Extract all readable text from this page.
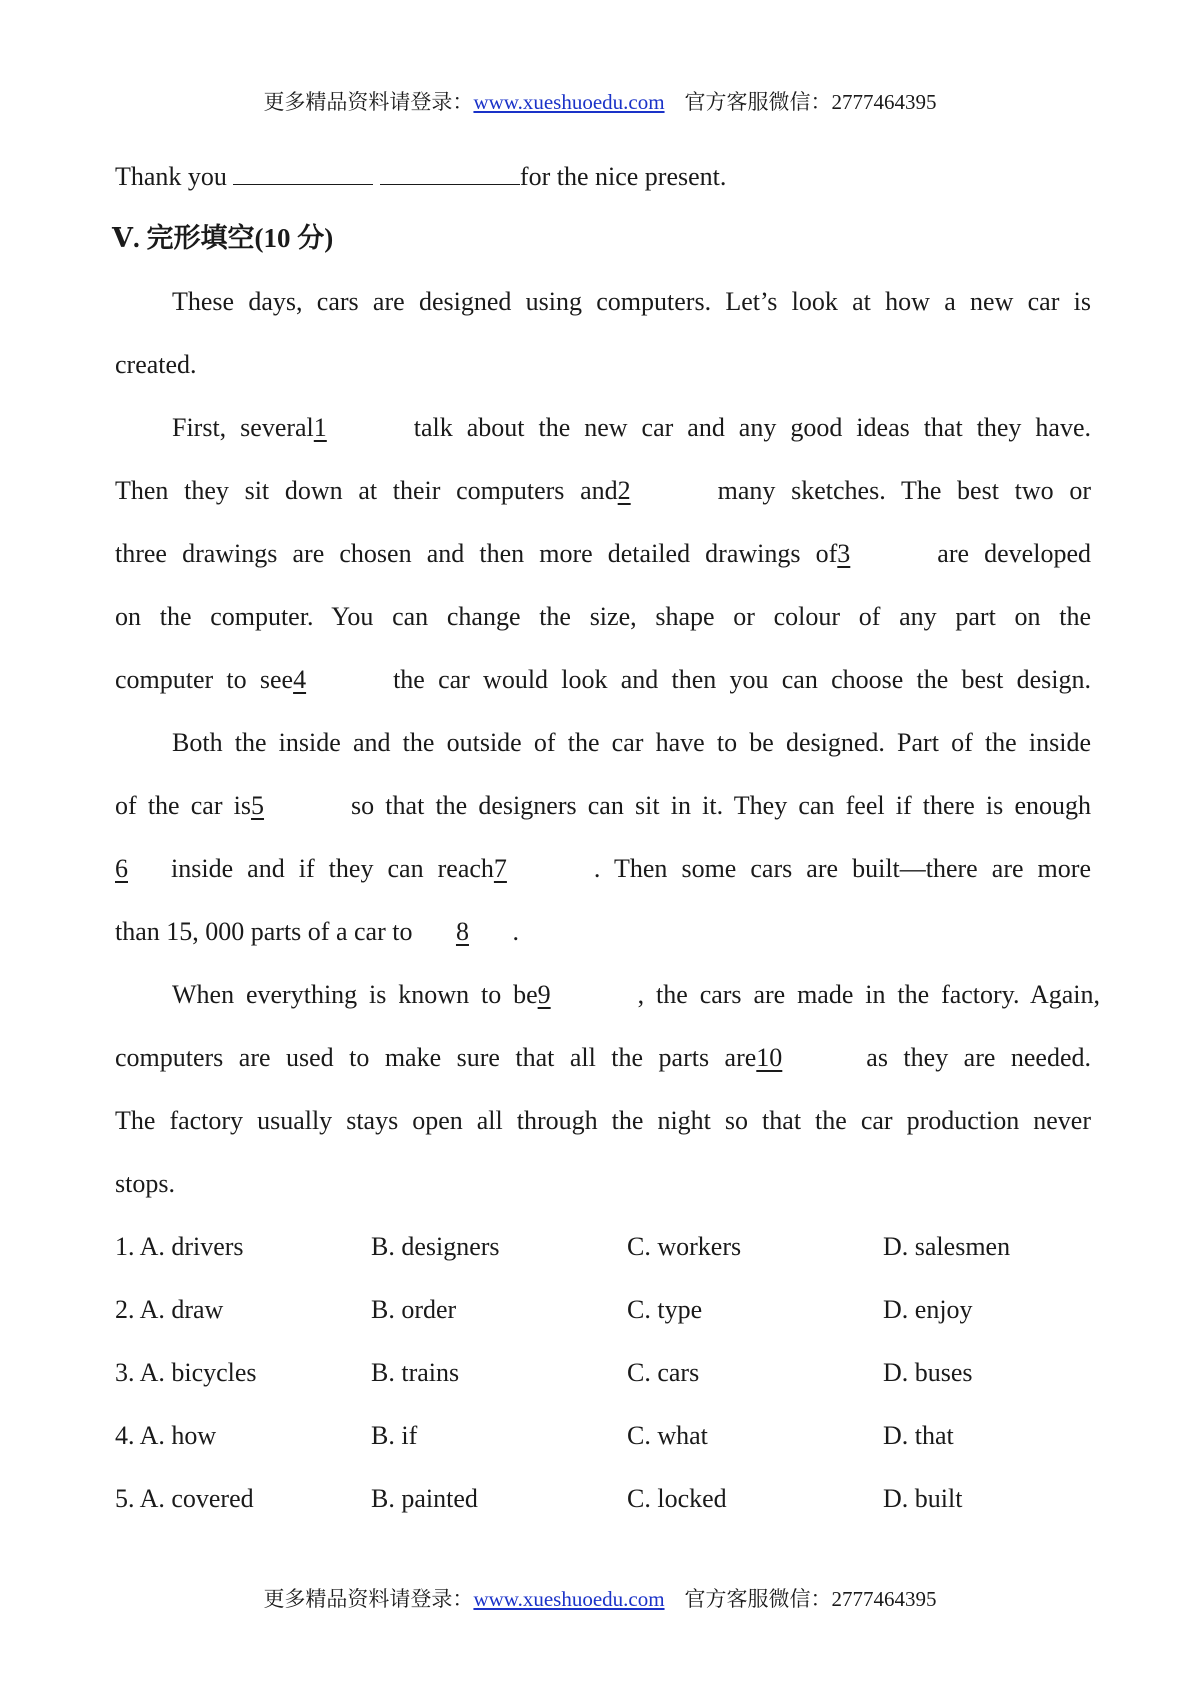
更多精品资料请登录：www.xueshuoedu.com 官方客服微信：2777464395
Thank you	for the nice present.
Ⅴ. 完形填空(10 分)
These days, cars are designed using computers. Let’s look at how a new car is
created.
First, several1	talk about the new car and any good ideas that they have.
Then they sit down at their computers and2	many sketches. The best two or
three drawings are chosen and then more detailed drawings of3	are developed
on the computer. You can change the size, shape or colour of any part on the
computer to see4	the car would look and then you can choose the best design.
Both the inside and the outside of the car have to be designed. Part of the inside
of the car is5	so that the designers can sit in it. They can feel if there is enough
6 inside and if they can reach7	. Then some cars are built—there are more
than 15, 000 parts of a car to 8 .
When everything is known to be9	, the cars are made in the factory. Again,
computers are used to make sure that all the parts are10	as they are needed.
The factory usually stays open all through the night so that the car production never
stops.
1. A. drivers	B. designers	C. workers	D. salesmen
2. A. draw	B. order	C. type	D. enjoy
3. A. bicycles	B. trains	C. cars	D. buses
4. A. how	B. if	C. what	D. that
5. A. covered	B. painted	C. locked	D. built
更多精品资料请登录：www.xueshuoedu.com 官方客服微信：2777464395
